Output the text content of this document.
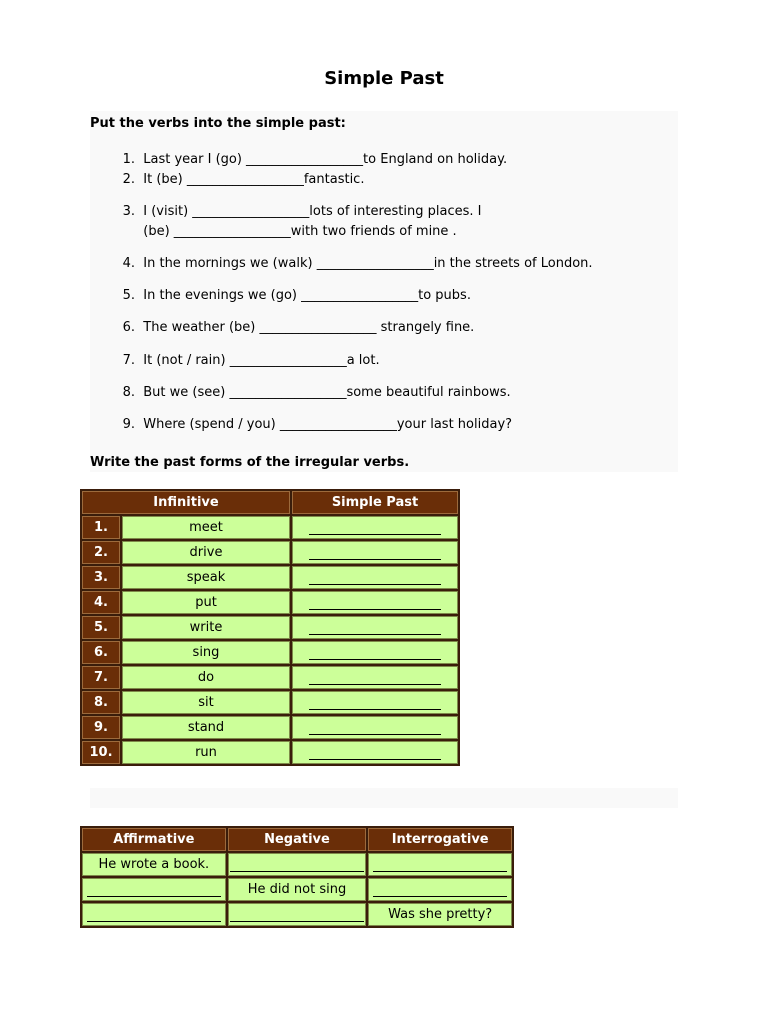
Simple Past
Put the verbs into the simple past:
1. Last year I (go) __________________to England on holiday.
2. It (be) __________________fantastic.
3. I (visit) __________________lots of interesting places. I
(be) __________________with two friends of mine .
4. In the mornings we (walk) __________________in the streets of London.
5. In the evenings we (go) __________________to pubs.
6. The weather (be) __________________ strangely fine.
7. It (not / rain) __________________a lot.
8. But we (see) __________________some beautiful rainbows.
9. Where (spend / you) __________________your last holiday?
Write the past forms of the irregular verbs.
Infinitive		Simple Past
1.	meet	
2.	drive	
3.	speak	
4.	put	
5.	write	
6.	sing	
7.	do	
8.	sit	
9.	stand	
10.	run	
Affirmative	Negative	Interrogative
He wrote a book.		
	He did not sing	
		Was she pretty?
